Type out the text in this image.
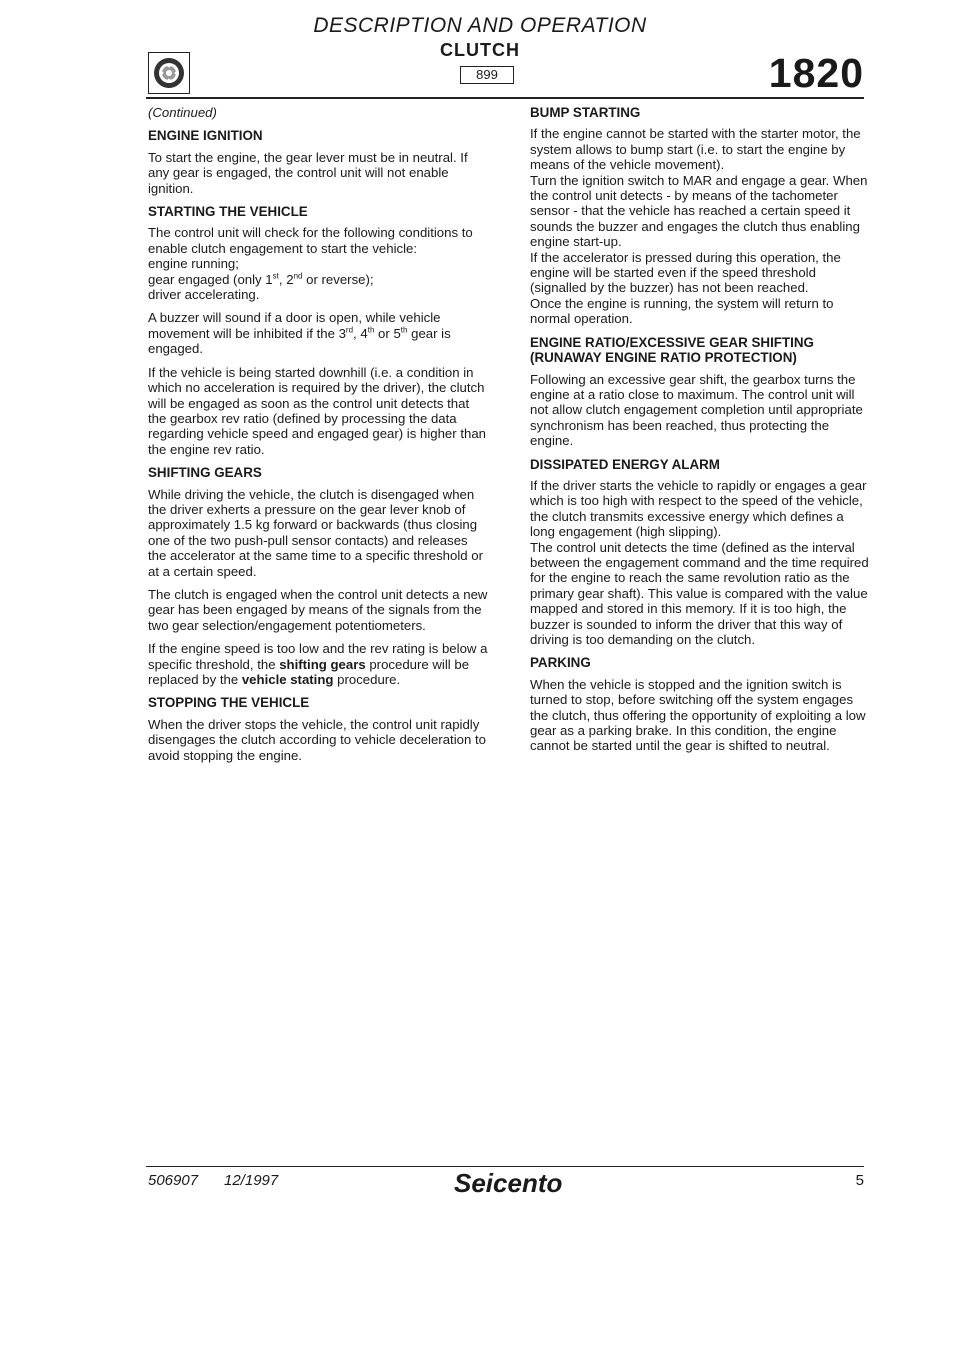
DESCRIPTION AND OPERATION
CLUTCH
899	1820

(Continued)

ENGINE IGNITION

To start the engine, the gear lever must be in neutral. If any gear is engaged, the control unit will not enable ignition.

STARTING THE VEHICLE

The control unit will check for the following conditions to enable clutch engagement to start the vehicle:
engine running;
gear engaged (only 1st, 2nd or reverse);
driver accelerating.

A buzzer will sound if a door is open, while vehicle movement will be inhibited if the 3rd, 4th or 5th gear is engaged.

If the vehicle is being started downhill (i.e. a condition in which no acceleration is required by the driver), the clutch will be engaged as soon as the control unit detects that the gearbox rev ratio (defined by processing the data regarding vehicle speed and engaged gear) is higher than the engine rev ratio.

SHIFTING GEARS

While driving the vehicle, the clutch is disengaged when the driver exherts a pressure on the gear lever knob of approximately 1.5 kg forward or backwards (thus closing one of the two push-pull sensor contacts) and releases the accelerator at the same time to a specific threshold or at a certain speed.

The clutch is engaged when the control unit detects a new gear has been engaged by means of the signals from the two gear selection/engagement potentiometers.

If the engine speed is too low and the rev rating is below a specific threshold, the shifting gears procedure will be replaced by the vehicle stating procedure.

STOPPING THE VEHICLE

When the driver stops the vehicle, the control unit rapidly disengages the clutch according to vehicle deceleration to avoid stopping the engine.

BUMP STARTING

If the engine cannot be started with the starter motor, the system allows to bump start (i.e. to start the engine by means of the vehicle movement).
Turn the ignition switch to MAR and engage a gear. When the control unit detects - by means of the tachometer sensor - that the vehicle has reached a certain speed it sounds the buzzer and engages the clutch thus enabling engine start-up.
If the accelerator is pressed during this operation, the engine will be started even if the speed threshold (signalled by the buzzer) has not been reached.
Once the engine is running, the system will return to normal operation.

ENGINE RATIO/EXCESSIVE GEAR SHIFTING (RUNAWAY ENGINE RATIO PROTECTION)

Following an excessive gear shift, the gearbox turns the engine at a ratio close to maximum. The control unit will not allow clutch engagement completion until appropriate synchronism has been reached, thus protecting the engine.

DISSIPATED ENERGY ALARM

If the driver starts the vehicle to rapidly or engages a gear which is too high with respect to the speed of the vehicle, the clutch transmits excessive energy which defines a long engagement (high slipping).
The control unit detects the time (defined as the interval between the engagement command and the time required for the engine to reach the same revolution ratio as the primary gear shaft). This value is compared with the value mapped and stored in this memory. If it is too high, the buzzer is sounded to inform the driver that this way of driving is too demanding on the clutch.

PARKING

When the vehicle is stopped and the ignition switch is turned to stop, before switching off the system engages the clutch, thus offering the opportunity of exploiting a low gear as a parking brake. In this condition, the engine cannot be started until the gear is shifted to neutral.

506907 12/1997	Seicento	5
